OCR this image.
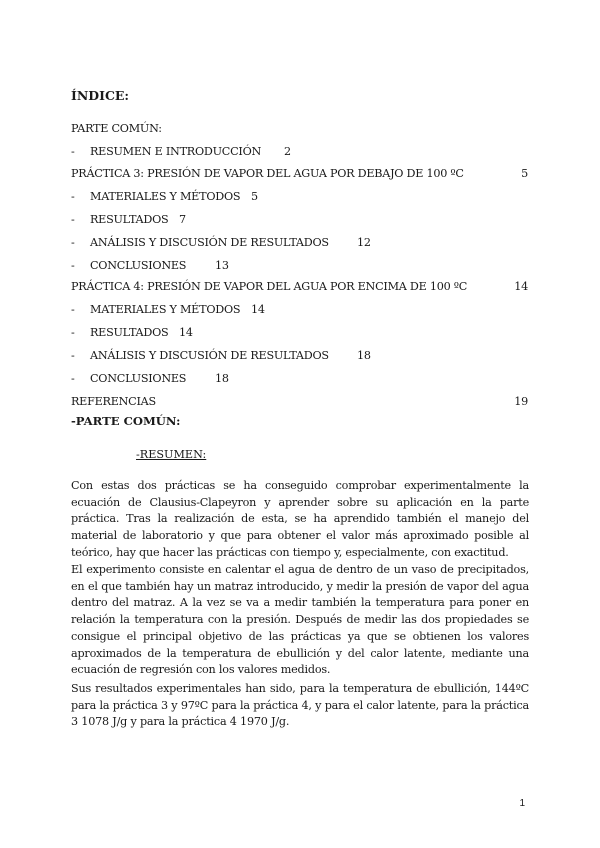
ÍNDICE:
PARTE COMÚN:
- RESUMEN E INTRODUCCIÓN 2
PRÁCTICA 3: PRESIÓN DE VAPOR DEL AGUA POR DEBAJO DE 100 ºC	5
- MATERIALES Y MÉTODOS 5
- RESULTADOS 7
- ANÁLISIS Y DISCUSIÓN DE RESULTADOS	12
- CONCLUSIONES	13
PRÁCTICA 4: PRESIÓN DE VAPOR DEL AGUA POR ENCIMA DE 100 ºC	14
- MATERIALES Y MÉTODOS 14
- RESULTADOS 14
- ANÁLISIS Y DISCUSIÓN DE RESULTADOS	18
- CONCLUSIONES	18
REFERENCIAS	19
-PARTE COMÚN:
-RESUMEN:

Con estas dos prácticas se ha conseguido comprobar experimentalmente la ecuación de Clausius-Clapeyron y aprender sobre su aplicación en la parte práctica. Tras la realización de esta, se ha aprendido también el manejo del material de laboratorio y que para obtener el valor más aproximado posible al teórico, hay que hacer las prácticas con tiempo y, especialmente, con exactitud.

El experimento consiste en calentar el agua de dentro de un vaso de precipitados, en el que también hay un matraz introducido, y medir la presión de vapor del agua dentro del matraz. A la vez se va a medir también la temperatura para poner en relación la temperatura con la presión. Después de medir las dos propiedades se consigue el principal objetivo de las prácticas ya que se obtienen los valores aproximados de la temperatura de ebullición y del calor latente, mediante una ecuación de regresión con los valores medidos.

Sus resultados experimentales han sido, para la temperatura de ebullición, 144ºC para la práctica 3 y 97ºC para la práctica 4, y para el calor latente, para la práctica 3 1078 J/g y para la práctica 4 1970 J/g.

1
